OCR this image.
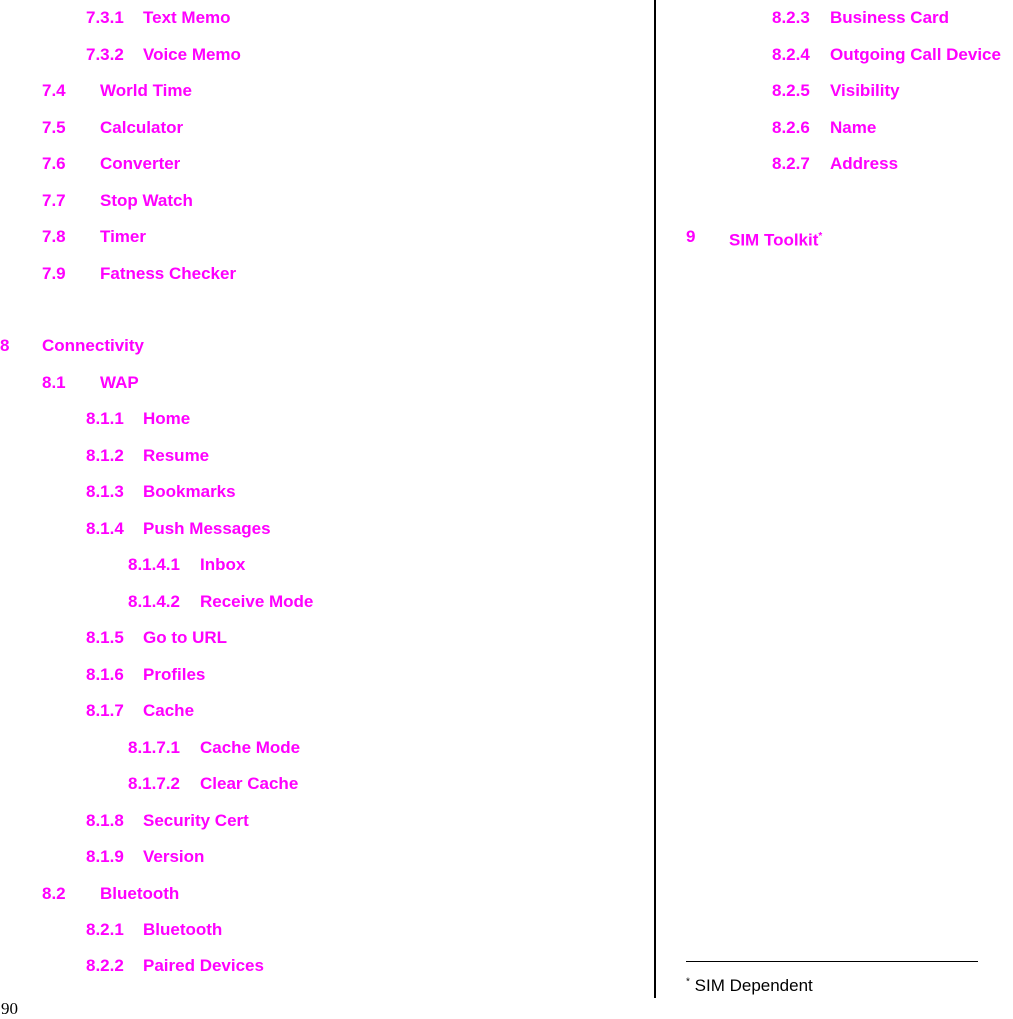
7.3.1 Text Memo
7.3.2 Voice Memo
7.4 World Time
7.5 Calculator
7.6 Converter
7.7 Stop Watch
7.8 Timer
7.9 Fatness Checker
8 Connectivity
8.1 WAP
8.1.1 Home
8.1.2 Resume
8.1.3 Bookmarks
8.1.4 Push Messages
8.1.4.1 Inbox
8.1.4.2 Receive Mode
8.1.5 Go to URL
8.1.6 Profiles
8.1.7 Cache
8.1.7.1 Cache Mode
8.1.7.2 Clear Cache
8.1.8 Security Cert
8.1.9 Version
8.2 Bluetooth
8.2.1 Bluetooth
8.2.2 Paired Devices
8.2.3 Business Card
8.2.4 Outgoing Call Device
8.2.5 Visibility
8.2.6 Name
8.2.7 Address
9 SIM Toolkit*
* SIM Dependent
90
